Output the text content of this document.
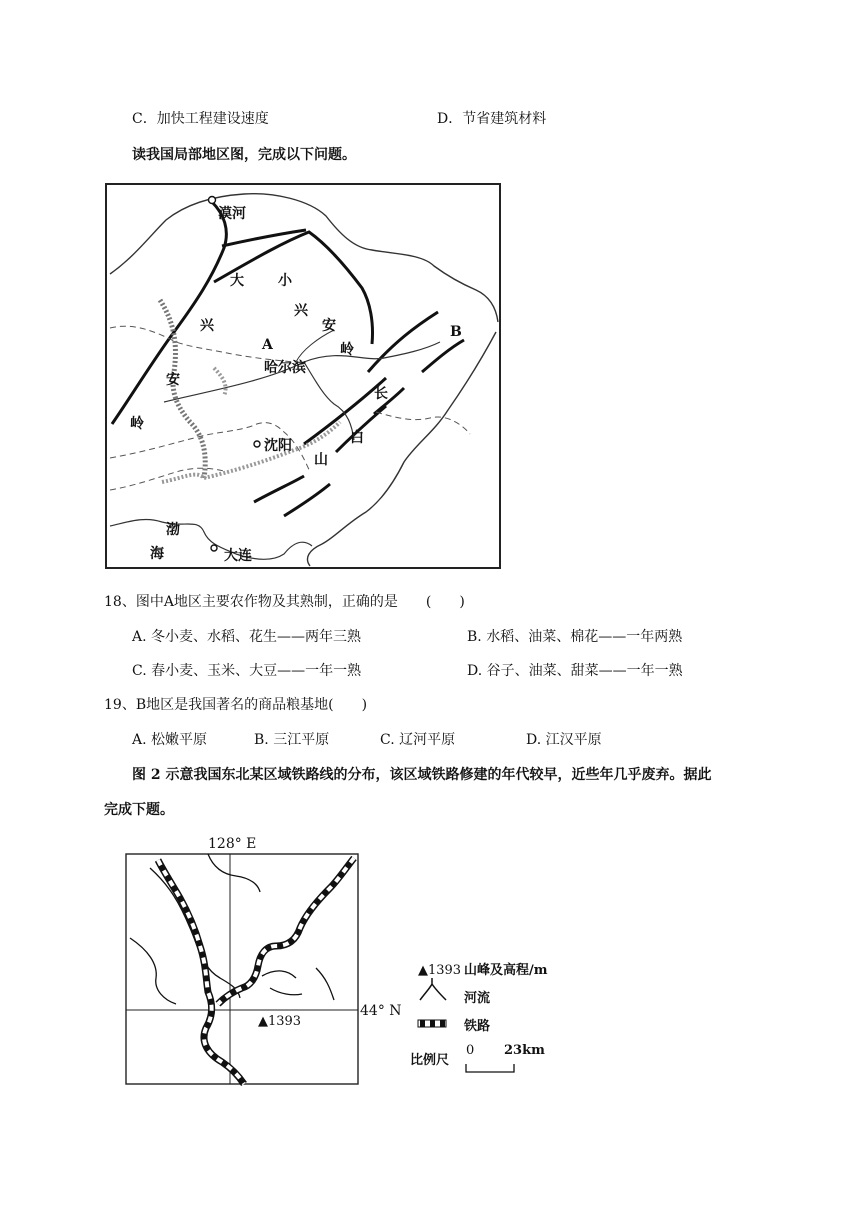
C．加快工程建设速度	D．节省建筑材料
读我国局部地区图，完成以下问题。
漠河
大 小
兴
兴
安
安
岭
岭
A
哈尔滨
B
长
白
山
沈阳
渤
海	大连
18、图中A地区主要农作物及其熟制，正确的是　　(　　)
A. 冬小麦、水稻、花生——两年三熟	B. 水稻、油菜、棉花——一年两熟
C. 春小麦、玉米、大豆——一年一熟	D. 谷子、油菜、甜菜——一年一熟
19、B地区是我国著名的商品粮基地(　　)
A. 松嫩平原	B. 三江平原	C. 辽河平原	D. 江汉平原
图 2 示意我国东北某区域铁路线的分布，该区域铁路修建的年代较早，近些年几乎废弃。据此
完成下题。
128° E
44° N
▲1393
▲1393 山峰及高程/m
河流
铁路
比例尺
0 23km
